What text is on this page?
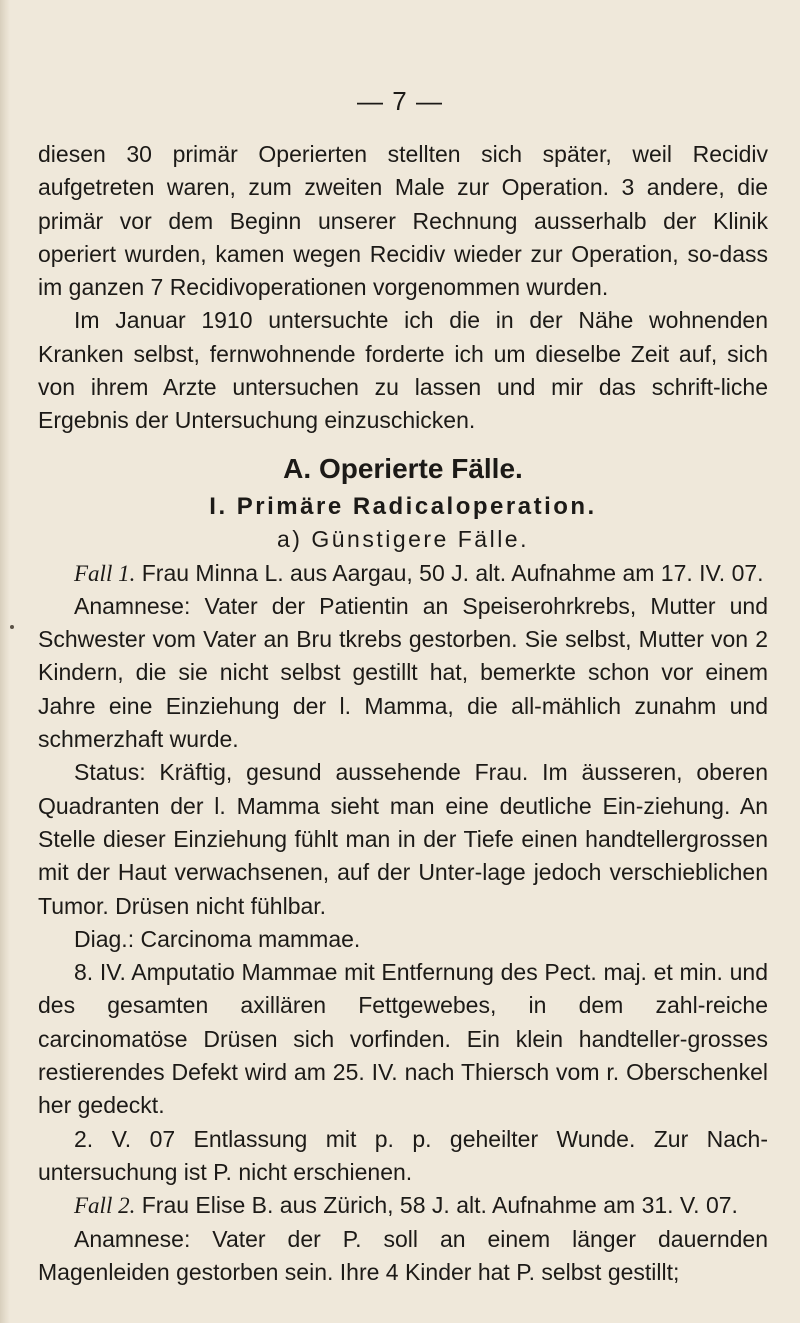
— 7 —

diesen 30 primär Operierten stellten sich später, weil Recidiv aufgetreten waren, zum zweiten Male zur Operation. 3 andere, die primär vor dem Beginn unserer Rechnung ausserhalb der Klinik operiert wurden, kamen wegen Recidiv wieder zur Operation, so-dass im ganzen 7 Recidivoperationen vorgenommen wurden.

Im Januar 1910 untersuchte ich die in der Nähe wohnenden Kranken selbst, fernwohnende forderte ich um dieselbe Zeit auf, sich von ihrem Arzte untersuchen zu lassen und mir das schrift-liche Ergebnis der Untersuchung einzuschicken.

A. Operierte Fälle.

I. Primäre Radicaloperation.

a) Günstigere Fälle.

Fall 1. Frau Minna L. aus Aargau, 50 J. alt. Aufnahme am 17. IV. 07.

Anamnese: Vater der Patientin an Speiserohrkrebs, Mutter und Schwester vom Vater an Bru tkrebs gestorben. Sie selbst, Mutter von 2 Kindern, die sie nicht selbst gestillt hat, bemerkte schon vor einem Jahre eine Einziehung der l. Mamma, die all-mählich zunahm und schmerzhaft wurde.

Status: Kräftig, gesund aussehende Frau. Im äusseren, oberen Quadranten der l. Mamma sieht man eine deutliche Ein-ziehung. An Stelle dieser Einziehung fühlt man in der Tiefe einen handtellergrossen mit der Haut verwachsenen, auf der Unter-lage jedoch verschieblichen Tumor. Drüsen nicht fühlbar.

Diag.: Carcinoma mammae.

8. IV. Amputatio Mammae mit Entfernung des Pect. maj. et min. und des gesamten axillären Fettgewebes, in dem zahl-reiche carcinomatöse Drüsen sich vorfinden. Ein klein handteller-grosses restierendes Defekt wird am 25. IV. nach Thiersch vom r. Oberschenkel her gedeckt.

2. V. 07 Entlassung mit p. p. geheilter Wunde. Zur Nach-untersuchung ist P. nicht erschienen.

Fall 2. Frau Elise B. aus Zürich, 58 J. alt. Aufnahme am 31. V. 07.

Anamnese: Vater der P. soll an einem länger dauernden Magenleiden gestorben sein. Ihre 4 Kinder hat P. selbst gestillt;
